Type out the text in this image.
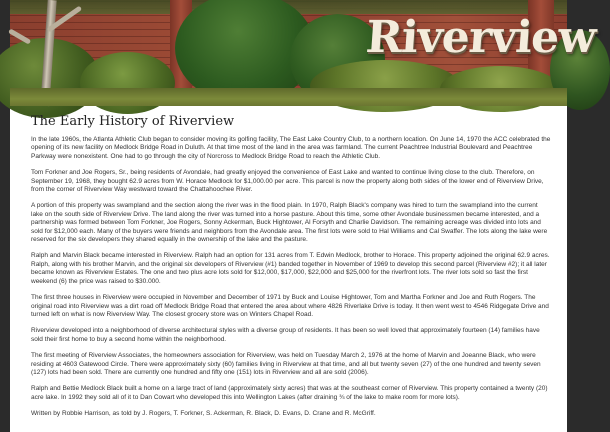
Riverview
The Early History of Riverview

In the late 1960s, the Atlanta Athletic Club began to consider moving its golfing facility, The East Lake Country Club, to a northern location. On June 14, 1970 the ACC celebrated the opening of its new facility on Medlock Bridge Road in Duluth. At that time most of the land in the area was farmland. The current Peachtree Industrial Boulevard and Peachtree Parkway were nonexistent. One had to go through the city of Norcross to Medlock Bridge Road to reach the Athletic Club.

Tom Forkner and Joe Rogers, Sr., being residents of Avondale, had greatly enjoyed the convenience of East Lake and wanted to continue living close to the club. Therefore, on September 19, 1968, they bought 62.9 acres from W. Horace Medlock for $1,000.00 per acre. This parcel is now the property along both sides of the lower end of Riverview Drive, from the corner of Riverview Way westward toward the Chattahoochee River.

A portion of this property was swampland and the section along the river was in the flood plain. In 1970, Ralph Black's company was hired to turn the swampland into the current lake on the south side of Riverview Drive. The land along the river was turned into a horse pasture. About this time, some other Avondale businessmen became interested, and a partnership was formed between Tom Forkner, Joe Rogers, Sonny Ackerman, Buck Hightower, Al Forsyth and Charlie Davidson. The remaining acreage was divided into lots and sold for $12,000 each. Many of the buyers were friends and neighbors from the Avondale area. The first lots were sold to Hal Williams and Cal Swaffer. The lots along the lake were reserved for the six developers they shared equally in the ownership of the lake and the pasture.

Ralph and Marvin Black became interested in Riverview. Ralph had an option for 131 acres from T. Edwin Medlock, brother to Horace. This property adjoined the original 62.9 acres. Ralph, along with his brother Marvin, and the original six developers of Riverview (#1) banded together in November of 1969 to develop this second parcel (Riverview #2); it all later became known as Riverview Estates. The one and two plus acre lots sold for $12,000, $17,000, $22,000 and $25,000 for the riverfront lots. The river lots sold so fast the first weekend (6) the price was raised to $30.000.

The first three houses in Riverview were occupied in November and December of 1971 by Buck and Louise Hightower, Tom and Martha Forkner and Joe and Ruth Rogers. The original road into Riverview was a dirt road off Medlock Bridge Road that entered the area about where 4826 Riverlake Drive is today. It then went west to 4546 Ridgegate Drive and turned left on what is now Riverview Way. The closest grocery store was on Winters Chapel Road.

Riverview developed into a neighborhood of diverse architectural styles with a diverse group of residents. It has been so well loved that approximately fourteen (14) families have sold their first home to buy a second home within the neighborhood.

The first meeting of Riverview Associates, the homeowners association for Riverview, was held on Tuesday March 2, 1976 at the home of Marvin and Joeanne Black, who were residing at 4603 Gatewood Circle. There were approximately sixty (60) families living in Riverview at that time, and all but twenty seven (27) of the one hundred and twenty seven (127) lots had been sold. There are currently one hundred and fifty one (151) lots in Riverview and all are sold (2006).

Ralph and Bettie Medlock Black built a home on a large tract of land (approximately sixty acres) that was at the southeast corner of Riverview. This property contained a twenty (20) acre lake. In 1992 they sold all of it to Dan Cowart who developed this into Wellington Lakes (after draining ¾ of the lake to make room for more lots).

Written by Robbie Harrison, as told by J. Rogers, T. Forkner, S. Ackerman, R. Black, D. Evans, D. Crane and R. McGriff.
